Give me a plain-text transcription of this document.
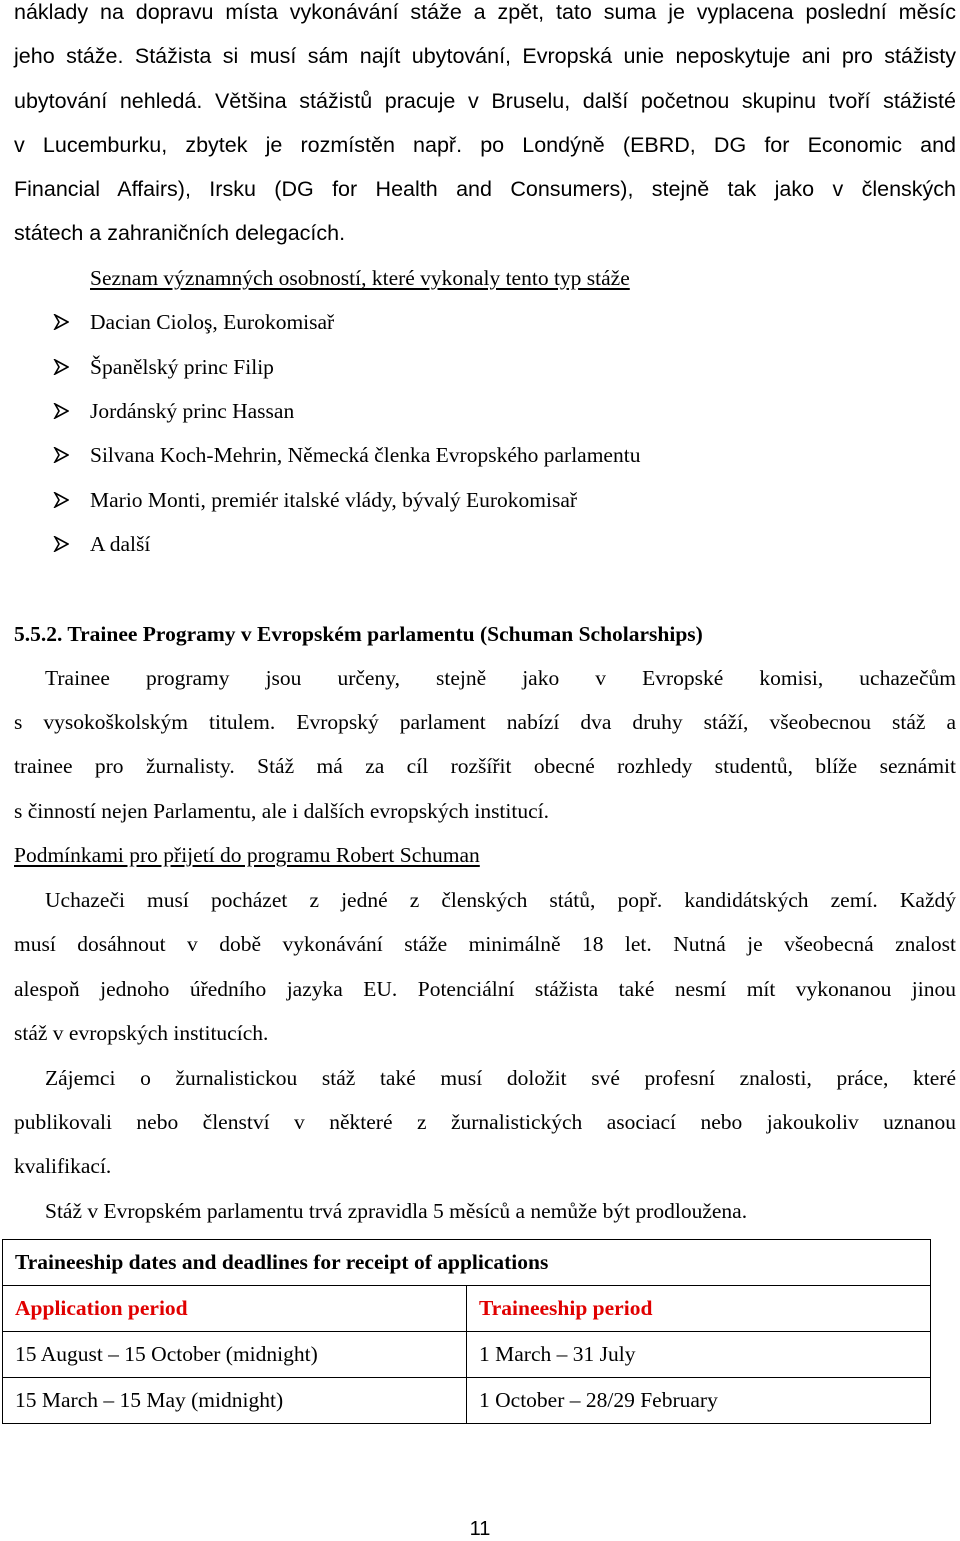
náklady na dopravu místa vykonávání stáže a zpět, tato suma je vyplacena poslední měsíc
jeho stáže. Stážista si musí sám najít ubytování, Evropská unie neposkytuje ani pro stážisty
ubytování nehledá. Většina stážistů pracuje v Bruselu, další početnou skupinu tvoří stážisté
v Lucemburku, zbytek je rozmístěn např. po Londýně (EBRD, DG for Economic and
Financial Affairs), Irsku (DG for Health and Consumers), stejně tak jako v členských
státech a zahraničních delegacích.
Seznam významných osobností, které vykonaly tento typ stáže
Dacian Cioloş, Eurokomisař
Španělský princ Filip
Jordánský princ Hassan
Silvana Koch-Mehrin, Německá členka Evropského parlamentu
Mario Monti, premiér italské vlády, bývalý Eurokomisař
A další
5.5.2. Trainee Programy v Evropském parlamentu (Schuman Scholarships)
Trainee programy jsou určeny, stejně jako v Evropské komisi, uchazečům
s vysokoškolským titulem. Evropský parlament nabízí dva druhy stáží, všeobecnou stáž a
trainee pro žurnalisty. Stáž má za cíl rozšířit obecné rozhledy studentů, blíže seznámit
s činností nejen Parlamentu, ale i dalších evropských institucí.
Podmínkami pro přijetí do programu Robert Schuman
Uchazeči musí pocházet z jedné z členských států, popř. kandidátských zemí. Každý
musí dosáhnout v době vykonávání stáže minimálně 18 let. Nutná je všeobecná znalost
alespoň jednoho úředního jazyka EU. Potenciální stážista také nesmí mít vykonanou jinou
stáž v evropských institucích.
Zájemci o žurnalistickou stáž také musí doložit své profesní znalosti, práce, které
publikovali nebo členství v některé z žurnalistických asociací nebo jakoukoliv uznanou
kvalifikací.
Stáž v Evropském parlamentu trvá zpravidla 5 měsíců a nemůže být prodloužena.
Traineeship dates and deadlines for receipt of applications	
Application period	Traineeship period
15 August – 15 October (midnight)	1 March – 31 July
15 March – 15 May (midnight)	1 October – 28/29 February
11
